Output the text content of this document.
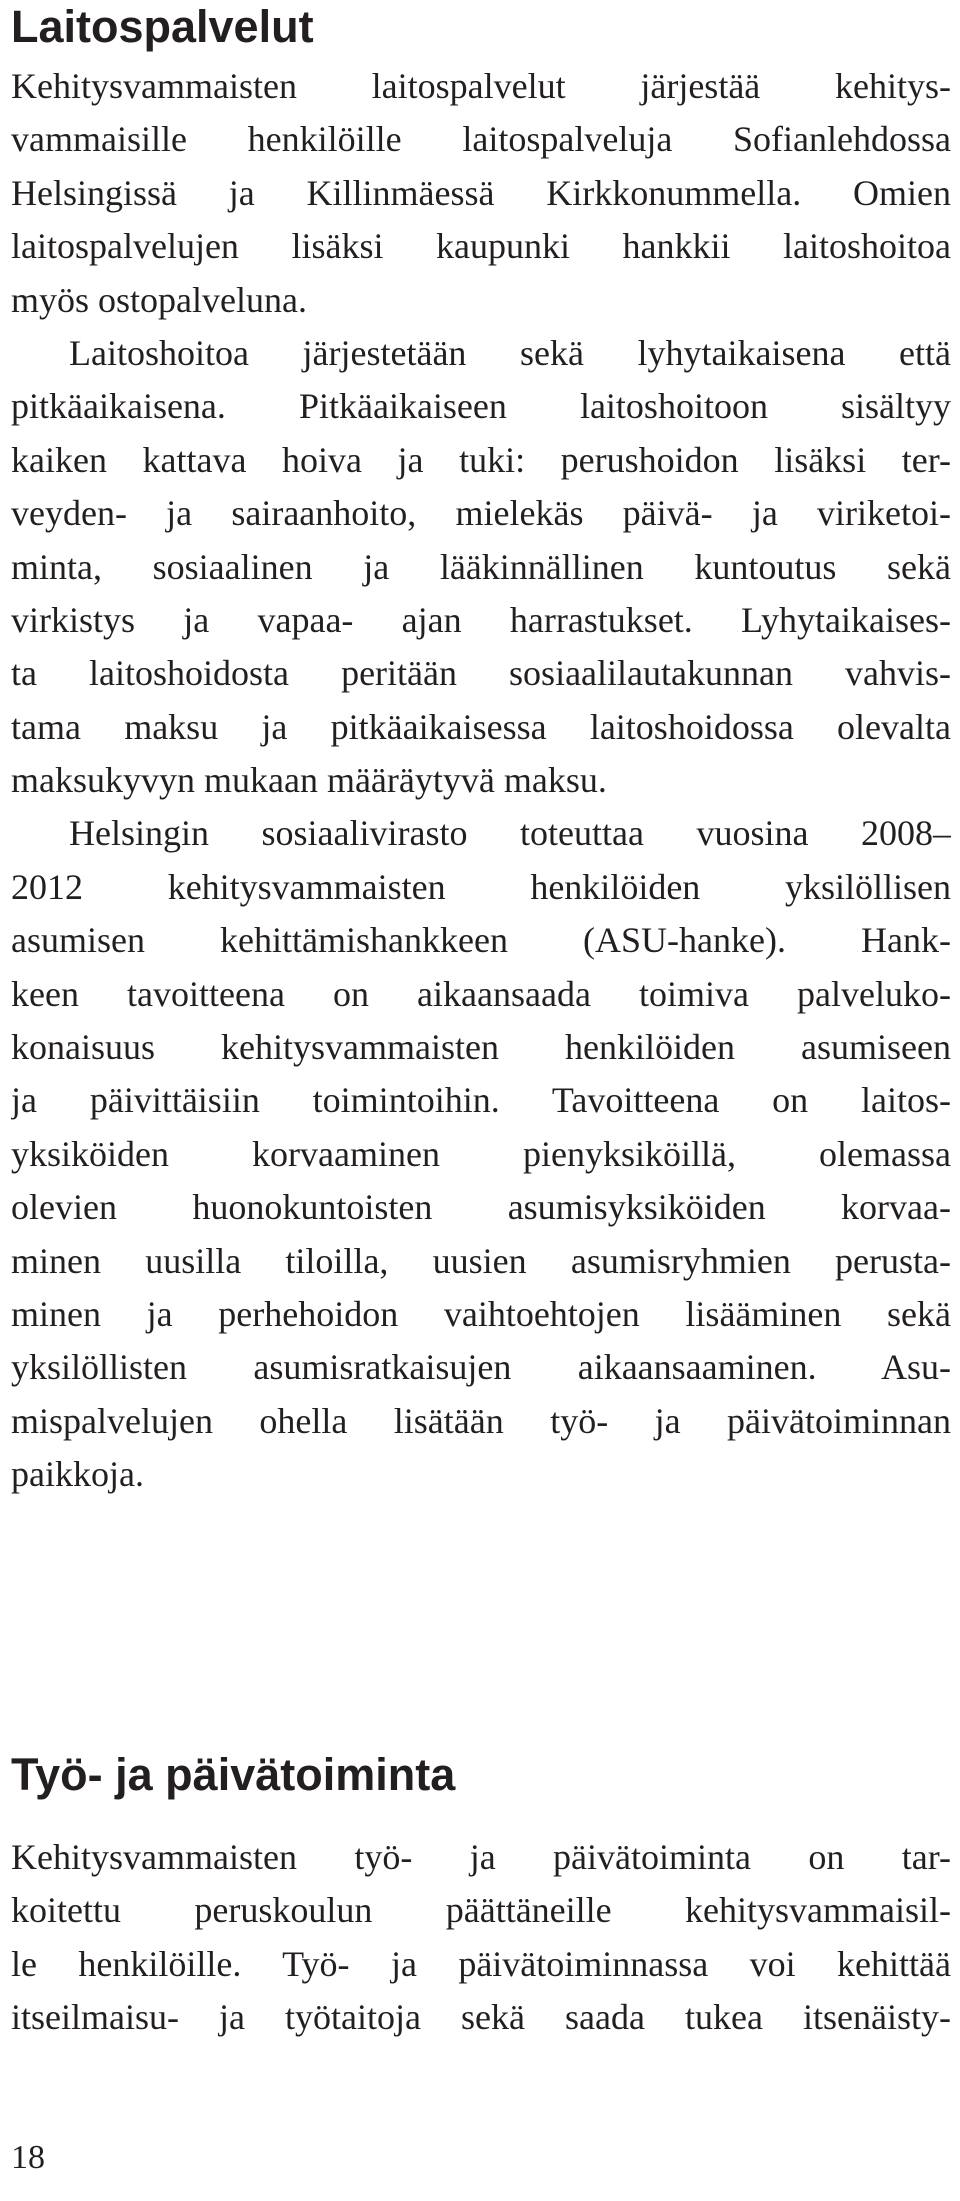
Laitospalvelut
Kehitysvammaisten laitospalvelut järjestää kehitys-
vammaisille henkilöille laitospalveluja Sofianlehdossa
Helsingissä ja Killinmäessä Kirkkonummella. Omien
laitospalvelujen lisäksi kaupunki hankkii laitoshoitoa
myös ostopalveluna.
Laitoshoitoa järjestetään sekä lyhytaikaisena että
pitkäaikaisena. Pitkäaikaiseen laitoshoitoon sisältyy
kaiken kattava hoiva ja tuki: perushoidon lisäksi ter-
veyden- ja sairaanhoito, mielekäs päivä- ja viriketoi-
minta, sosiaalinen ja lääkinnällinen kuntoutus sekä
virkistys ja vapaa- ajan harrastukset. Lyhytaikaises-
ta laitoshoidosta peritään sosiaalilautakunnan vahvis-
tama maksu ja pitkäaikaisessa laitoshoidossa olevalta
maksukyvyn mukaan määräytyvä maksu.
Helsingin sosiaalivirasto toteuttaa vuosina 2008–
2012 kehitysvammaisten henkilöiden yksilöllisen
asumisen kehittämishankkeen (ASU-hanke). Hank-
keen tavoitteena on aikaansaada toimiva palveluko-
konaisuus kehitysvammaisten henkilöiden asumiseen
ja päivittäisiin toimintoihin. Tavoitteena on laitos-
yksiköiden korvaaminen pienyksiköillä, olemassa
olevien huonokuntoisten asumisyksiköiden korvaa-
minen uusilla tiloilla, uusien asumisryhmien perusta-
minen ja perhehoidon vaihtoehtojen lisääminen sekä
yksilöllisten asumisratkaisujen aikaansaaminen. Asu-
mispalvelujen ohella lisätään työ- ja päivätoiminnan
paikkoja.
Työ- ja päivätoiminta
Kehitysvammaisten työ- ja päivätoiminta on tar-
koitettu peruskoulun päättäneille kehitysvammaisil-
le henkilöille. Työ- ja päivätoiminnassa voi kehittää
itseilmaisu- ja työtaitoja sekä saada tukea itsenäisty-
18
